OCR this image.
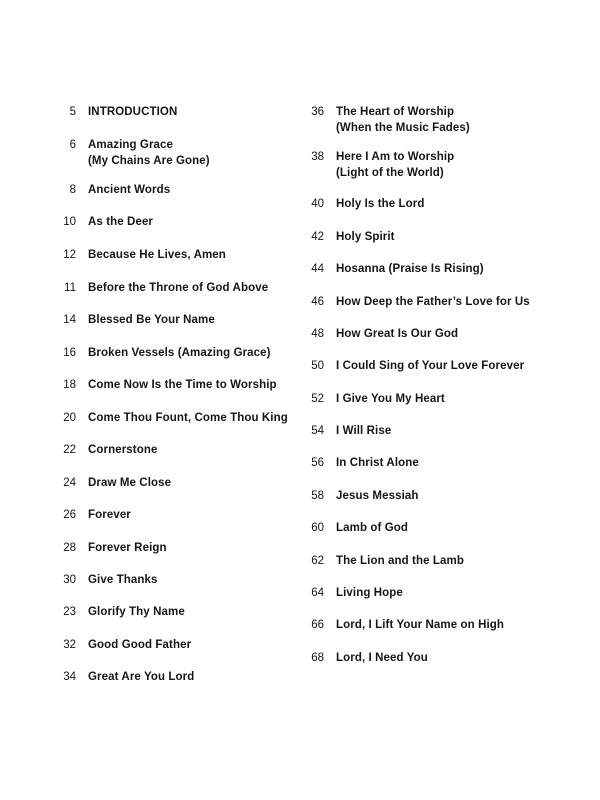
5	INTRODUCTION
6	Amazing Grace
(My Chains Are Gone)
8	Ancient Words
10	As the Deer
12	Because He Lives, Amen
11	Before the Throne of God Above
14	Blessed Be Your Name
16	Broken Vessels (Amazing Grace)
18	Come Now Is the Time to Worship
20	Come Thou Fount, Come Thou King
22	Cornerstone
24	Draw Me Close
26	Forever
28	Forever Reign
30	Give Thanks
23	Glorify Thy Name
32	Good Good Father
34	Great Are You Lord
36	The Heart of Worship
(When the Music Fades)
38	Here I Am to Worship
(Light of the World)
40	Holy Is the Lord
42	Holy Spirit
44	Hosanna (Praise Is Rising)
46	How Deep the Father’s Love for Us
48	How Great Is Our God
50	I Could Sing of Your Love Forever
52	I Give You My Heart
54	I Will Rise
56	In Christ Alone
58	Jesus Messiah
60	Lamb of God
62	The Lion and the Lamb
64	Living Hope
66	Lord, I Lift Your Name on High
68	Lord, I Need You
